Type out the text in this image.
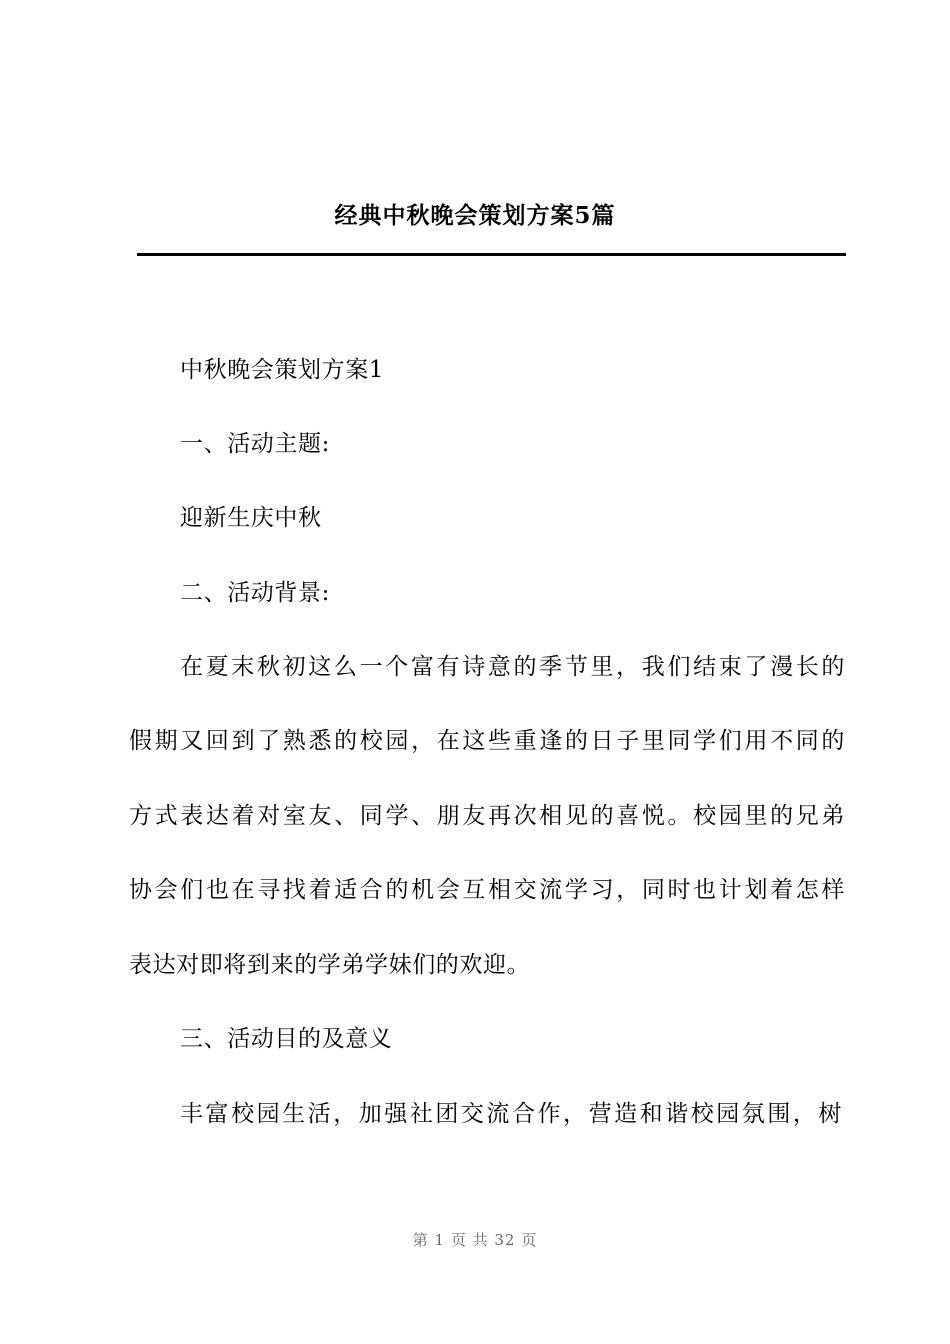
经典中秋晚会策划方案5篇

中秋晚会策划方案1

一、活动主题:

迎新生庆中秋

二、活动背景:

在夏末秋初这么一个富有诗意的季节里，我们结束了漫长的

假期又回到了熟悉的校园，在这些重逢的日子里同学们用不同的

方式表达着对室友、同学、朋友再次相见的喜悦。校园里的兄弟

协会们也在寻找着适合的机会互相交流学习，同时也计划着怎样

表达对即将到来的学弟学妹们的欢迎。

三、活动目的及意义

丰富校园生活，加强社团交流合作，营造和谐校园氛围，树

第 1 页 共 32 页
